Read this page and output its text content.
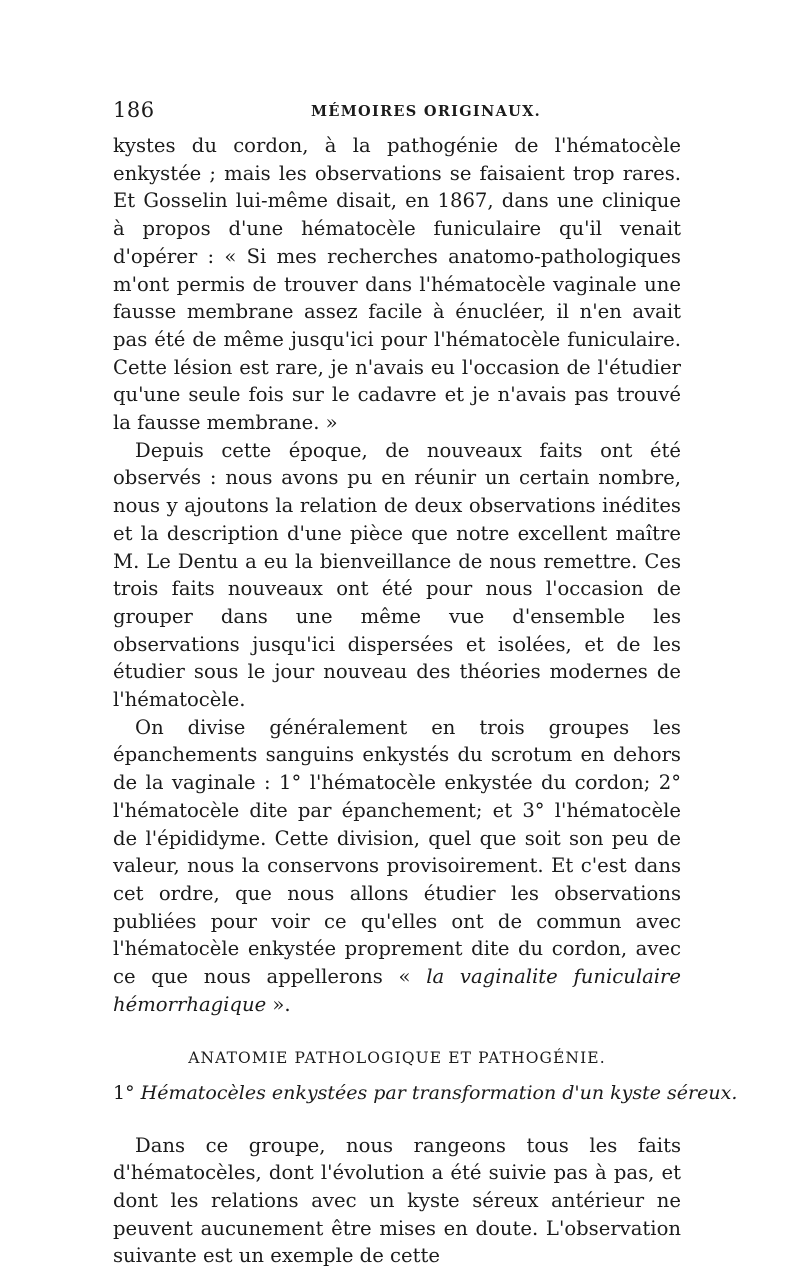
186	MÉMOIRES ORIGINAUX.

kystes du cordon, à la pathogénie de l'hématocèle enkystée ; mais les observations se faisaient trop rares. Et Gosselin lui-même disait, en 1867, dans une clinique à propos d'une hématocèle funiculaire qu'il venait d'opérer : « Si mes recherches anatomo-pathologiques m'ont permis de trouver dans l'hématocèle vaginale une fausse membrane assez facile à énucléer, il n'en avait pas été de même jusqu'ici pour l'hématocèle funiculaire. Cette lésion est rare, je n'avais eu l'occasion de l'étudier qu'une seule fois sur le cadavre et je n'avais pas trouvé la fausse membrane. »

Depuis cette époque, de nouveaux faits ont été observés : nous avons pu en réunir un certain nombre, nous y ajoutons la relation de deux observations inédites et la description d'une pièce que notre excellent maître M. Le Dentu a eu la bienveillance de nous remettre. Ces trois faits nouveaux ont été pour nous l'occasion de grouper dans une même vue d'ensemble les observations jusqu'ici dispersées et isolées, et de les étudier sous le jour nouveau des théories modernes de l'hématocèle.

On divise généralement en trois groupes les épanchements sanguins enkystés du scrotum en dehors de la vaginale : 1° l'hématocèle enkystée du cordon; 2° l'hématocèle dite par épanchement; et 3° l'hématocèle de l'épididyme. Cette division, quel que soit son peu de valeur, nous la conservons provisoirement. Et c'est dans cet ordre, que nous allons étudier les observations publiées pour voir ce qu'elles ont de commun avec l'hématocèle enkystée proprement dite du cordon, avec ce que nous appellerons « la vaginalite funiculaire hémorrhagique ».

ANATOMIE PATHOLOGIQUE ET PATHOGÉNIE.
1° Hématocèles enkystées par transformation d'un kyste séreux.

Dans ce groupe, nous rangeons tous les faits d'hématocèles, dont l'évolution a été suivie pas à pas, et dont les relations avec un kyste séreux antérieur ne peuvent aucunement être mises en doute. L'observation suivante est un exemple de cette
